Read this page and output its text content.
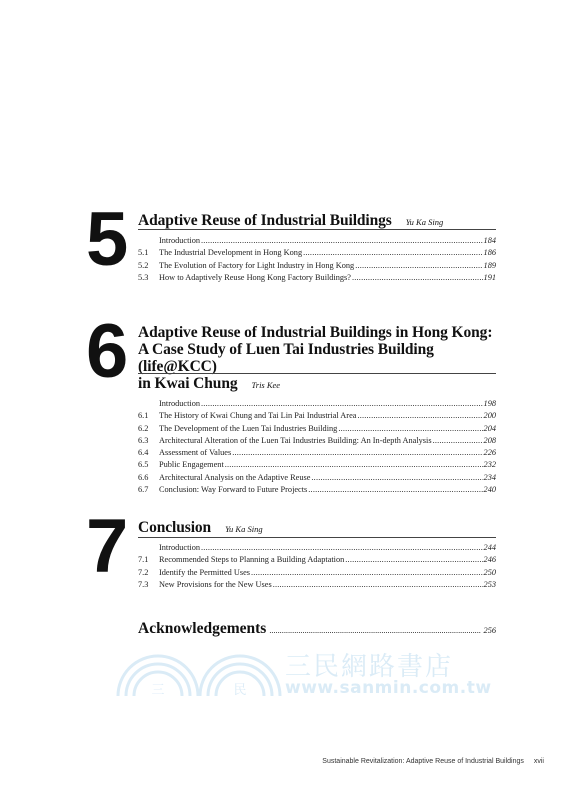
5 Adaptive Reuse of Industrial Buildings Yu Ka Sing
Introduction .....	184
5.1	The Industrial Development in Hong Kong .....	186
5.2	The Evolution of Factory for Light Industry in Hong Kong .....	189
5.3	How to Adaptively Reuse Hong Kong Factory Buildings? .....	191
6 Adaptive Reuse of Industrial Buildings in Hong Kong:
A Case Study of Luen Tai Industries Building (life@KCC)
in Kwai Chung Tris Kee
Introduction .....	198
6.1	The History of Kwai Chung and Tai Lin Pai Industrial Area .....	200
6.2	The Development of the Luen Tai Industries Building .....	204
6.3	Architectural Alteration of the Luen Tai Industries Building: An In-depth Analysis .....	208
6.4	Assessment of Values .....	226
6.5	Public Engagement .....	232
6.6	Architectural Analysis on the Adaptive Reuse .....	234
6.7	Conclusion: Way Forward to Future Projects .....	240
7 Conclusion Yu Ka Sing
Introduction .....	244
7.1	Recommended Steps to Planning a Building Adaptation .....	246
7.2	Identify the Permitted Uses .....	250
7.3	New Provisions for the New Uses .....	253
三	民
三民網路書店
www.sanmin.com.tw
Acknowledgements .....	256
Sustainable Revitalization: Adaptive Reuse of Industrial Buildings xvii
